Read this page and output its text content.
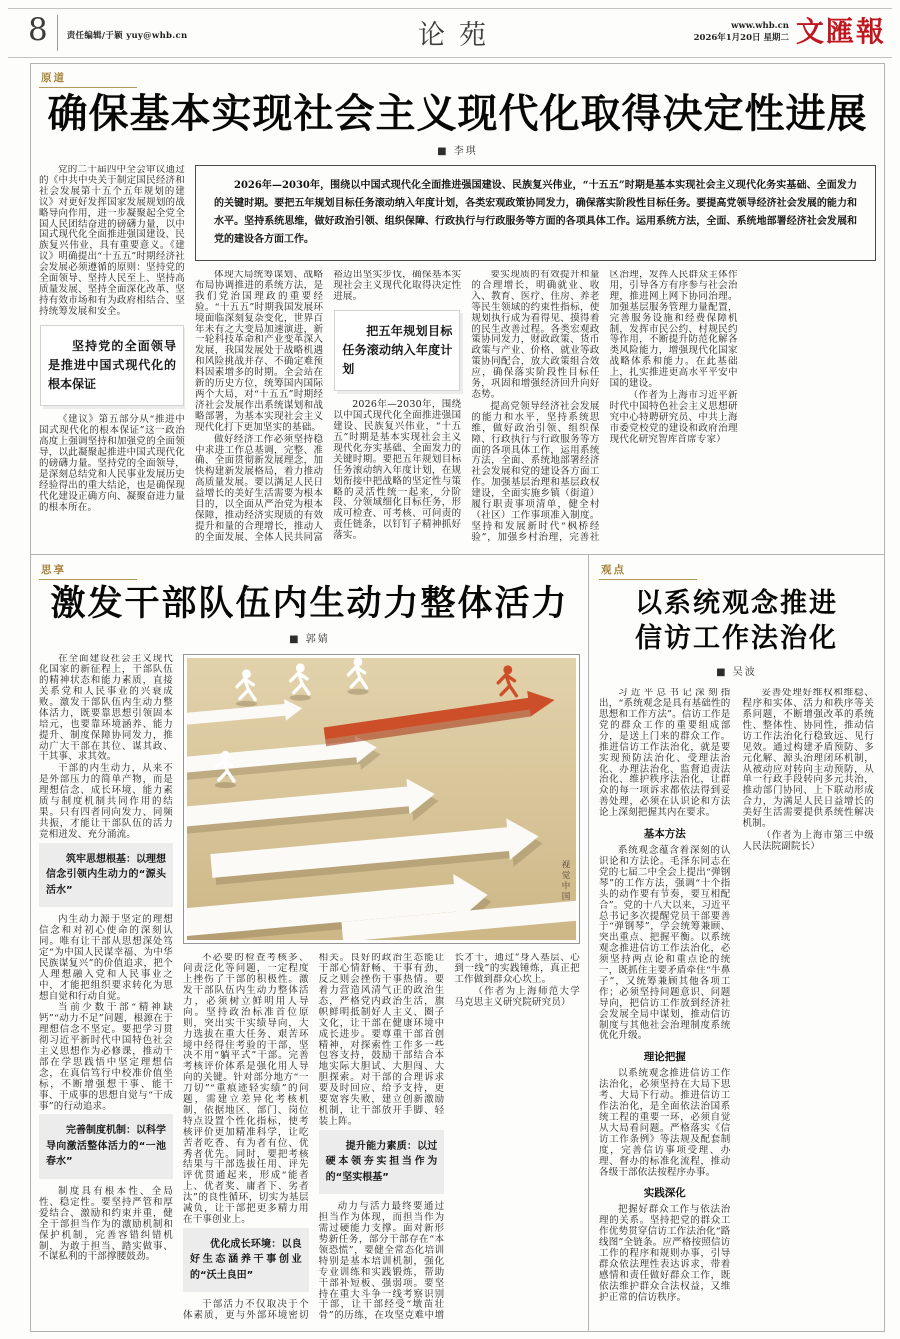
8 责任编辑/于颖 yuy@whb.cn	论苑	www.whb.cn
2026年1月20日 星期二 文匯報
原道
确保基本实现社会主义现代化取得决定性进展
■ 李琪
党的二十届四中全会审议通过的《中共中央关于制定国民经济和社会发展第十五个五年规划的建议》对更好发挥国家发展规划的战略导向作用，进一步凝聚起全党全国人民团结奋进的磅礴力量，以中国式现代化全面推进强国建设、民族复兴伟业，具有重要意义。《建议》明确提出“十五五”时期经济社会发展必须遵循的原则：坚持党的全面领导、坚持人民至上、坚持高质量发展、坚持全面深化改革、坚持有效市场和有为政府相结合、坚持统筹发展和安全。
坚持党的全面领导是推进中国式现代化的根本保证
《建议》第五部分从“推进中国式现代化的根本保证”这一政治高度上强调坚持和加强党的全面领导，以此凝聚起推进中国式现代化的磅礴力量。坚持党的全面领导，是深刻总结党和人民事业发展历史经验得出的重大结论，也是确保现代化建设正确方向、凝聚奋进力量的根本所在。
2026年—2030年，围绕以中国式现代化全面推进强国建设、民族复兴伟业，“十五五”时期是基本实现社会主义现代化务实基础、全面发力的关键时期。要把五年规划目标任务滚动纳入年度计划，各类宏观政策协同发力，确保落实阶段性目标任务。要提高党领导经济社会发展的能力和水平。坚持系统思维，做好政治引领、组织保障、行政执行与行政服务等方面的各项具体工作。运用系统方法，全面、系统地部署经济社会发展和党的建设各方面工作。
体现大局统筹谋划、战略布局协调推进的系统方法，是我们党治国理政的重要经验。“十五五”时期我国发展环境面临深刻复杂变化，世界百年未有之大变局加速演进，新一轮科技革命和产业变革深入发展，我国发展处于战略机遇和风险挑战并存、不确定难预料因素增多的时期。全会站在新的历史方位，统筹国内国际两个大局，对“十五五”时期经济社会发展作出系统谋划和战略部署，为基本实现社会主义现代化打下更加坚实的基础。
做好经济工作必须坚持稳中求进工作总基调，完整、准确、全面贯彻新发展理念，加快构建新发展格局，着力推动高质量发展。要以满足人民日益增长的美好生活需要为根本目的，以全面从严治党为根本保障，推动经济实现质的有效提升和量的合理增长，推动人的全面发展、全体人民共同富裕迈出坚实步伐，确保基本实现社会主义现代化取得决定性进展。
把五年规划目标任务滚动纳入年度计划
2026年—2030年，围绕以中国式现代化全面推进强国建设、民族复兴伟业，“十五五”时期是基本实现社会主义现代化夯实基础、全面发力的关键时期。要把五年规划目标任务滚动纳入年度计划，在规划衔接中把战略的坚定性与策略的灵活性统一起来，分阶段、分领域细化目标任务，形成可检查、可考核、可问责的责任链条，以钉钉子精神抓好落实。
要实现质的有效提升和量的合理增长，明确就业、收入、教育、医疗、住房、养老等民生领域的约束性指标，使规划执行成为看得见、摸得着的民生改善过程。各类宏观政策协同发力，财政政策、货币政策与产业、价格、就业等政策协同配合，放大政策组合效应，确保落实阶段性目标任务，巩固和增强经济回升向好态势。
提高党领导经济社会发展的能力和水平，坚持系统思维，做好政治引领、组织保障、行政执行与行政服务等方面的各项具体工作，运用系统方法，全面、系统地部署经济社会发展和党的建设各方面工作。加强基层治理和基层政权建设，全面实施乡镇（街道）履行职责事项清单，健全村（社区）工作事项准入制度。坚持和发展新时代“枫桥经验”，加强乡村治理，完善社区治理，发挥人民群众主体作用，引导各方有序参与社会治理，推进网上网下协同治理。加强基层服务管理力量配置，完善服务设施和经费保障机制，发挥市民公约、村规民约等作用，不断提升防范化解各类风险能力，增强现代化国家战略体系和能力。在此基础上，扎实推进更高水平平安中国的建设。
（作者为上海市习近平新时代中国特色社会主义思想研究中心特聘研究员、中共上海市委党校党的建设和政府治理现代化研究智库首席专家）
思享
激发干部队伍内生动力整体活力
■ 郭婧
在全面建设社会主义现代化国家的新征程上，干部队伍的精神状态和能力素质，直接关系党和人民事业的兴衰成败。激发干部队伍内生动力整体活力，既要靠思想引领固本培元，也要靠环境涵养、能力提升、制度保障协同发力，推动广大干部在其位、谋其政、干其事、求其效。
干部的内生动力，从来不是外部压力的简单产物，而是理想信念、成长环境、能力素质与制度机制共同作用的结果。只有四者同向发力、同频共振，才能让干部队伍的活力竞相迸发、充分涌流。
筑牢思想根基：以理想信念引领内生动力的“源头活水”
内生动力源于坚定的理想信念和对初心使命的深刻认同。唯有让干部从思想深处笃定“为中国人民谋幸福、为中华民族谋复兴”的价值追求，把个人理想融入党和人民事业之中，才能把组织要求转化为思想自觉和行动自觉。
当前少数干部“精神缺钙”“动力不足”问题，根源在于理想信念不坚定。要把学习贯彻习近平新时代中国特色社会主义思想作为必修课，推动干部在学思践悟中坚定理想信念，在真信笃行中校准价值坐标，不断增强想干事、能干事、干成事的思想自觉与“干成事”的行动追求。
完善制度机制：以科学导向激活整体活力的“一池春水”
制度具有根本性、全局性、稳定性。要坚持严管和厚爱结合、激励和约束并重，健全干部担当作为的激励机制和保护机制，完善容错纠错机制，为敢于担当、踏实做事、不谋私利的干部撑腰鼓劲。
视觉中国
不必要的检查考核多、问责泛化等问题，一定程度上挫伤了干部的积极性。激发干部队伍内生动力整体活力，必须树立鲜明用人导向。坚持政治标准首位原则，突出实干实绩导向，大力选拔在重大任务、艰苦环境中经得住考验的干部，坚决不用“躺平式”干部。完善考核评价体系是强化用人导向的关键。针对部分地方“一刀切”“重痕迹轻实绩”的问题，需建立差异化考核机制，依据地区、部门、岗位特点设置个性化指标，使考核评价更加精准科学，让吃苦者吃香、有为者有位、优秀者优先。同时，要把考核结果与干部选拔任用、评先评优贯通起来，形成“能者上、优者奖、庸者下、劣者汰”的良性循环，切实为基层减负，让干部把更多精力用在干事创业上。
优化成长环境：以良好生态涵养干事创业的“沃土良田”
干部活力不仅取决于个体素质，更与外部环境密切相关。良好的政治生态能让干部心情舒畅、干事有劲，反之则会挫伤干事热情。要着力营造风清气正的政治生态，严格党内政治生活，旗帜鲜明抵制好人主义、圈子文化，让干部在健康环境中成长进步。要尊重干部首创精神，对探索性工作多一些包容支持，鼓励干部结合本地实际大胆试、大胆闯、大胆探索。对干部的合理诉求要及时回应、给予支持，更要宽容失败，建立创新激励机制，让干部放开手脚、轻装上阵。
提升能力素质：以过硬本领夯实担当作为的“坚实根基”
动力与活力最终要通过担当作为体现，而担当作为需过硬能力支撑。面对新形势新任务，部分干部存在“本领恐慌”，要健全常态化培训特别是基本培训机制，强化专业训练和实践锻炼，帮助干部补短板、强弱项。要坚持在重大斗争一线考察识别干部，让干部经受“墩苗壮骨”的历练，在攻坚克难中增长才干，通过“身入基层、心到一线”的实践锤炼，真正把工作做到群众心坎上。
（作者为上海师范大学马克思主义研究院研究员）
观点
以系统观念推进
信访工作法治化
■ 吴波
习近平总书记深刻指出，“系统观念是具有基础性的思想和工作方法”。信访工作是党的群众工作的重要组成部分，是送上门来的群众工作。推进信访工作法治化，就是要实现预防法治化、受理法治化、办理法治化、监督追责法治化、维护秩序法治化，让群众的每一项诉求都依法得到妥善处理，必须在认识论和方法论上深刻把握其内在要求。
基本方法
系统观念蕴含着深刻的认识论和方法论。毛泽东同志在党的七届二中全会上提出“弹钢琴”的工作方法，强调“十个指头的动作要有节奏，要互相配合”。党的十八大以来，习近平总书记多次提醒党员干部要善于“弹钢琴”，学会统筹兼顾、突出重点、把握平衡。以系统观念推进信访工作法治化，必须坚持两点论和重点论的统一，既抓住主要矛盾牵住“牛鼻子”，又统筹兼顾其他各项工作；必须坚持问题意识、问题导向，把信访工作放到经济社会发展全局中谋划，推动信访制度与其他社会治理制度系统优化升级。
理论把握
以系统观念推进信访工作法治化，必须坚持在大局下思考、大局下行动。推进信访工作法治化，是全面依法治国系统工程的重要一环，必须自觉从大局看问题。严格落实《信访工作条例》等法规及配套制度，完善信访事项受理、办理、督办的标准化流程，推动各级干部依法按程序办事。
实践深化
把握好群众工作与依法治理的关系。坚持把党的群众工作优势贯穿信访工作法治化“路线图”全链条。应严格按照信访工作的程序和规则办事，引导群众依法理性表达诉求，带着感情和责任做好群众工作，既依法维护群众合法权益，又维护正常的信访秩序。
妥善处理好维权和维稳、程序和实体、活力和秩序等关系问题，不断增强改革的系统性、整体性、协同性，推动信访工作法治化行稳致远、见行见效。通过构建矛盾预防、多元化解、源头治理闭环机制，从被动应对转向主动预防，从单一行政手段转向多元共治，推动部门协同、上下联动形成合力，为满足人民日益增长的美好生活需要提供系统性解决机制。
（作者为上海市第三中级人民法院副院长）
